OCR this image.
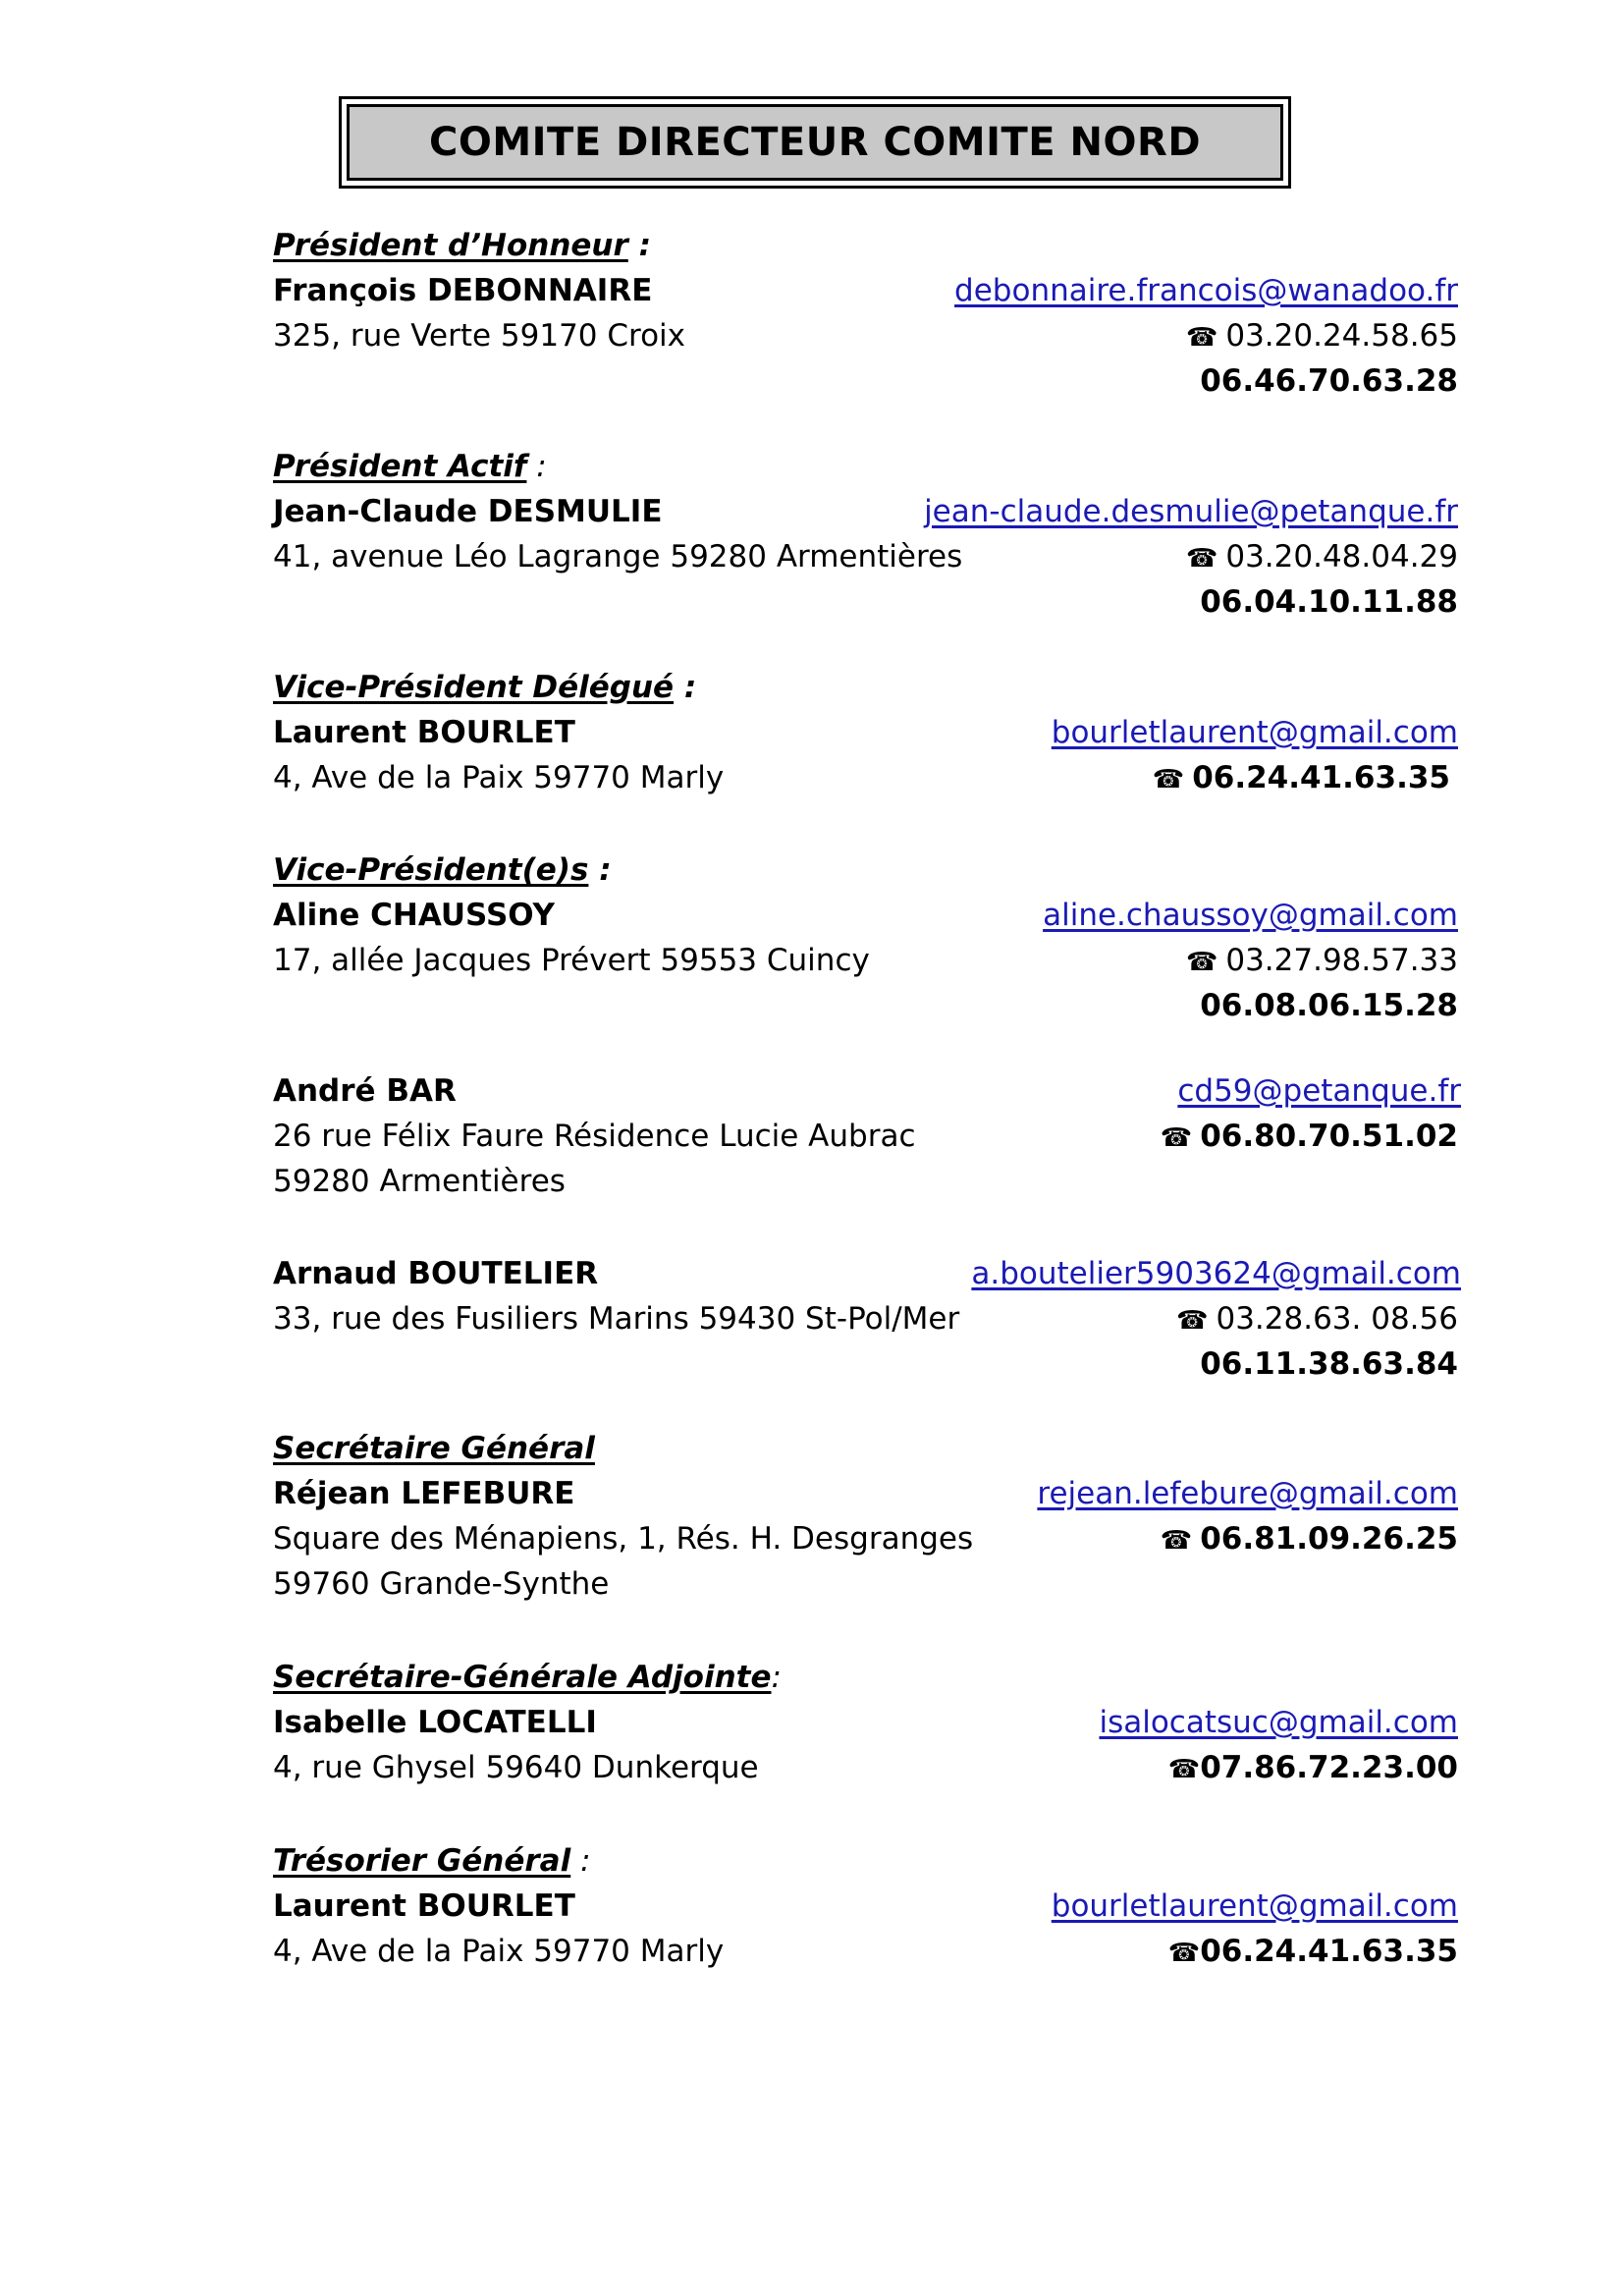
COMITE DIRECTEUR COMITE NORD
Président d’Honneur :
François DEBONNAIRE	debonnaire.francois@wanadoo.fr
325, rue Verte 59170 Croix	☎ 03.20.24.58.65
06.46.70.63.28
Président Actif :
Jean-Claude DESMULIE	jean-claude.desmulie@petanque.fr
41, avenue Léo Lagrange 59280 Armentières	☎ 03.20.48.04.29
06.04.10.11.88
Vice-Président Délégué :
Laurent BOURLET	bourletlaurent@gmail.com
4, Ave de la Paix 59770 Marly	☎ 06.24.41.63.35
Vice-Président(e)s :
Aline CHAUSSOY	aline.chaussoy@gmail.com
17, allée Jacques Prévert 59553 Cuincy	☎ 03.27.98.57.33
06.08.06.15.28
André BAR	cd59@petanque.fr
26 rue Félix Faure Résidence Lucie Aubrac	☎ 06.80.70.51.02
59280 Armentières
Arnaud BOUTELIER	a.boutelier5903624@gmail.com
33, rue des Fusiliers Marins 59430 St-Pol/Mer	☎ 03.28.63. 08.56
06.11.38.63.84
Secrétaire Général
Réjean LEFEBURE	rejean.lefebure@gmail.com
Square des Ménapiens, 1, Rés. H. Desgranges	☎ 06.81.09.26.25
59760 Grande-Synthe
Secrétaire-Générale Adjointe:
Isabelle LOCATELLI	isalocatsuc@gmail.com
4, rue Ghysel 59640 Dunkerque	☎07.86.72.23.00
Trésorier Général :
Laurent BOURLET	bourletlaurent@gmail.com
4, Ave de la Paix 59770 Marly	☎06.24.41.63.35
